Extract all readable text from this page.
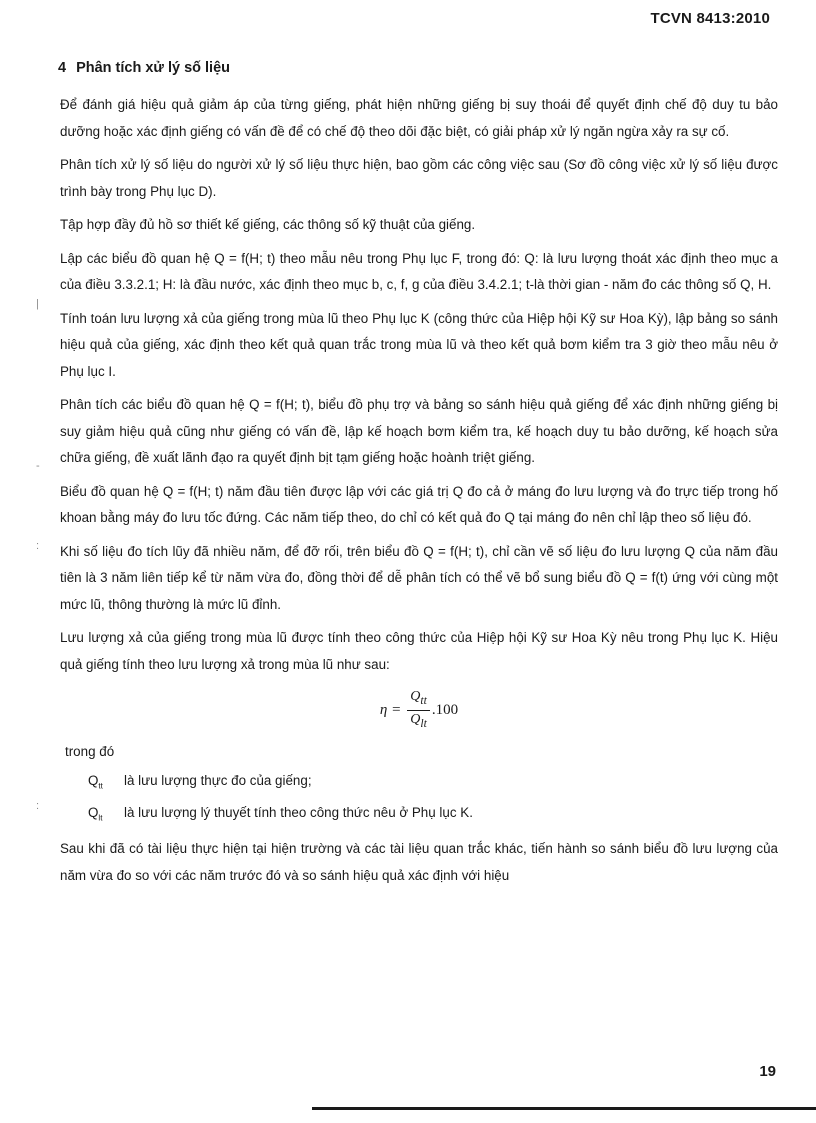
TCVN 8413:2010
4 Phân tích xử lý số liệu
|
-
:
:

Để đánh giá hiệu quả giảm áp của từng giếng, phát hiện những giếng bị suy thoái để quyết định chế độ duy tu bảo dưỡng hoặc xác định giếng có vấn đề để có chế độ theo dõi đặc biệt, có giải pháp xử lý ngăn ngừa xảy ra sự cố.

Phân tích xử lý số liệu do người xử lý số liệu thực hiện, bao gồm các công việc sau (Sơ đồ công việc xử lý số liệu được trình bày trong Phụ lục D).

Tập hợp đầy đủ hồ sơ thiết kế giếng, các thông số kỹ thuật của giếng.

Lập các biểu đồ quan hệ Q = f(H; t) theo mẫu nêu trong Phụ lục F, trong đó: Q: là lưu lượng thoát xác định theo mục a của điều 3.3.2.1; H: là đầu nước, xác định theo mục b, c, f, g của điều 3.4.2.1; t-là thời gian - năm đo các thông số Q, H.

Tính toán lưu lượng xả của giếng trong mùa lũ theo Phụ lục K (công thức của Hiệp hội Kỹ sư Hoa Kỳ), lập bảng so sánh hiệu quả của giếng, xác định theo kết quả quan trắc trong mùa lũ và theo kết quả bơm kiểm tra 3 giờ theo mẫu nêu ở Phụ lục I.

Phân tích các biểu đồ quan hệ Q = f(H; t), biểu đồ phụ trợ và bảng so sánh hiệu quả giếng để xác định những giếng bị suy giảm hiệu quả cũng như giếng có vấn đề, lập kế hoạch bơm kiểm tra, kế hoạch duy tu bảo dưỡng, kế hoạch sửa chữa giếng, đề xuất lãnh đạo ra quyết định bịt tạm giếng hoặc hoành triệt giếng.

Biểu đồ quan hệ Q = f(H; t) năm đầu tiên được lập với các giá trị Q đo cả ở máng đo lưu lượng và đo trực tiếp trong hố khoan bằng máy đo lưu tốc đứng. Các năm tiếp theo, do chỉ có kết quả đo Q tại máng đo nên chỉ lập theo số liệu đó.

Khi số liệu đo tích lũy đã nhiều năm, để đỡ rối, trên biểu đồ Q = f(H; t), chỉ cần vẽ số liệu đo lưu lượng Q của năm đầu tiên là 3 năm liên tiếp kể từ năm vừa đo, đồng thời để dễ phân tích có thể vẽ bổ sung biểu đồ Q = f(t) ứng với cùng một mức lũ, thông thường là mức lũ đỉnh.

Lưu lượng xả của giếng trong mùa lũ được tính theo công thức của Hiệp hội Kỹ sư Hoa Kỳ nêu trong Phụ lục K. Hiệu quả giếng tính theo lưu lượng xả trong mùa lũ như sau:

$\eta = \frac{Q_{tt}}{Q_{lt}} .100$
trong đó
$Q_{tt}$ là lưu lượng thực đo của giếng;
$Q_{lt}$ là lưu lượng lý thuyết tính theo công thức nêu ở Phụ lục K.

Sau khi đã có tài liệu thực hiện tại hiện trường và các tài liệu quan trắc khác, tiến hành so sánh biểu đồ lưu lượng của năm vừa đo so với các năm trước đó và so sánh hiệu quả xác định với hiệu

19
